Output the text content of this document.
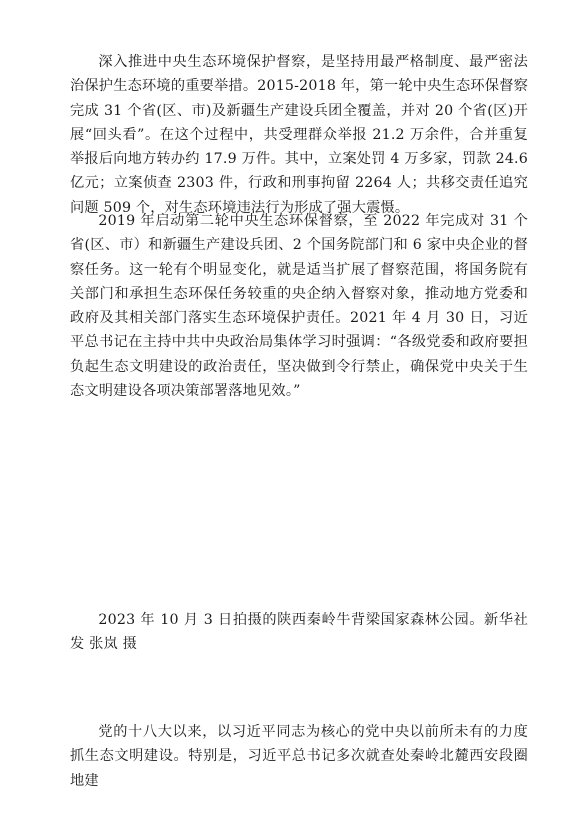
深入推进中央生态环境保护督察，是坚持用最严格制度、最严密法治保护生态环境的重要举措。2015-2018 年，第一轮中央生态环保督察完成 31 个省(区、市)及新疆生产建设兵团全覆盖，并对 20 个省(区)开展“回头看”。在这个过程中，共受理群众举报 21.2 万余件，合并重复举报后向地方转办约 17.9 万件。其中，立案处罚 4 万多家，罚款 24.6 亿元；立案侦查 2303 件，行政和刑事拘留 2264 人；共移交责任追究问题 509 个，对生态环境违法行为形成了强大震慑。

2019 年启动第二轮中央生态环保督察，至 2022 年完成对 31 个省(区、市）和新疆生产建设兵团、2 个国务院部门和 6 家中央企业的督察任务。这一轮有个明显变化，就是适当扩展了督察范围，将国务院有关部门和承担生态环保任务较重的央企纳入督察对象，推动地方党委和政府及其相关部门落实生态环境保护责任。2021 年 4 月 30 日，习近平总书记在主持中共中央政治局集体学习时强调：“各级党委和政府要担负起生态文明建设的政治责任，坚决做到令行禁止，确保党中央关于生态文明建设各项决策部署落地见效。”

2023 年 10 月 3 日拍摄的陕西秦岭牛背梁国家森林公园。新华社发 张岚 摄

党的十八大以来，以习近平同志为核心的党中央以前所未有的力度抓生态文明建设。特别是，习近平总书记多次就查处秦岭北麓西安段圈地建
